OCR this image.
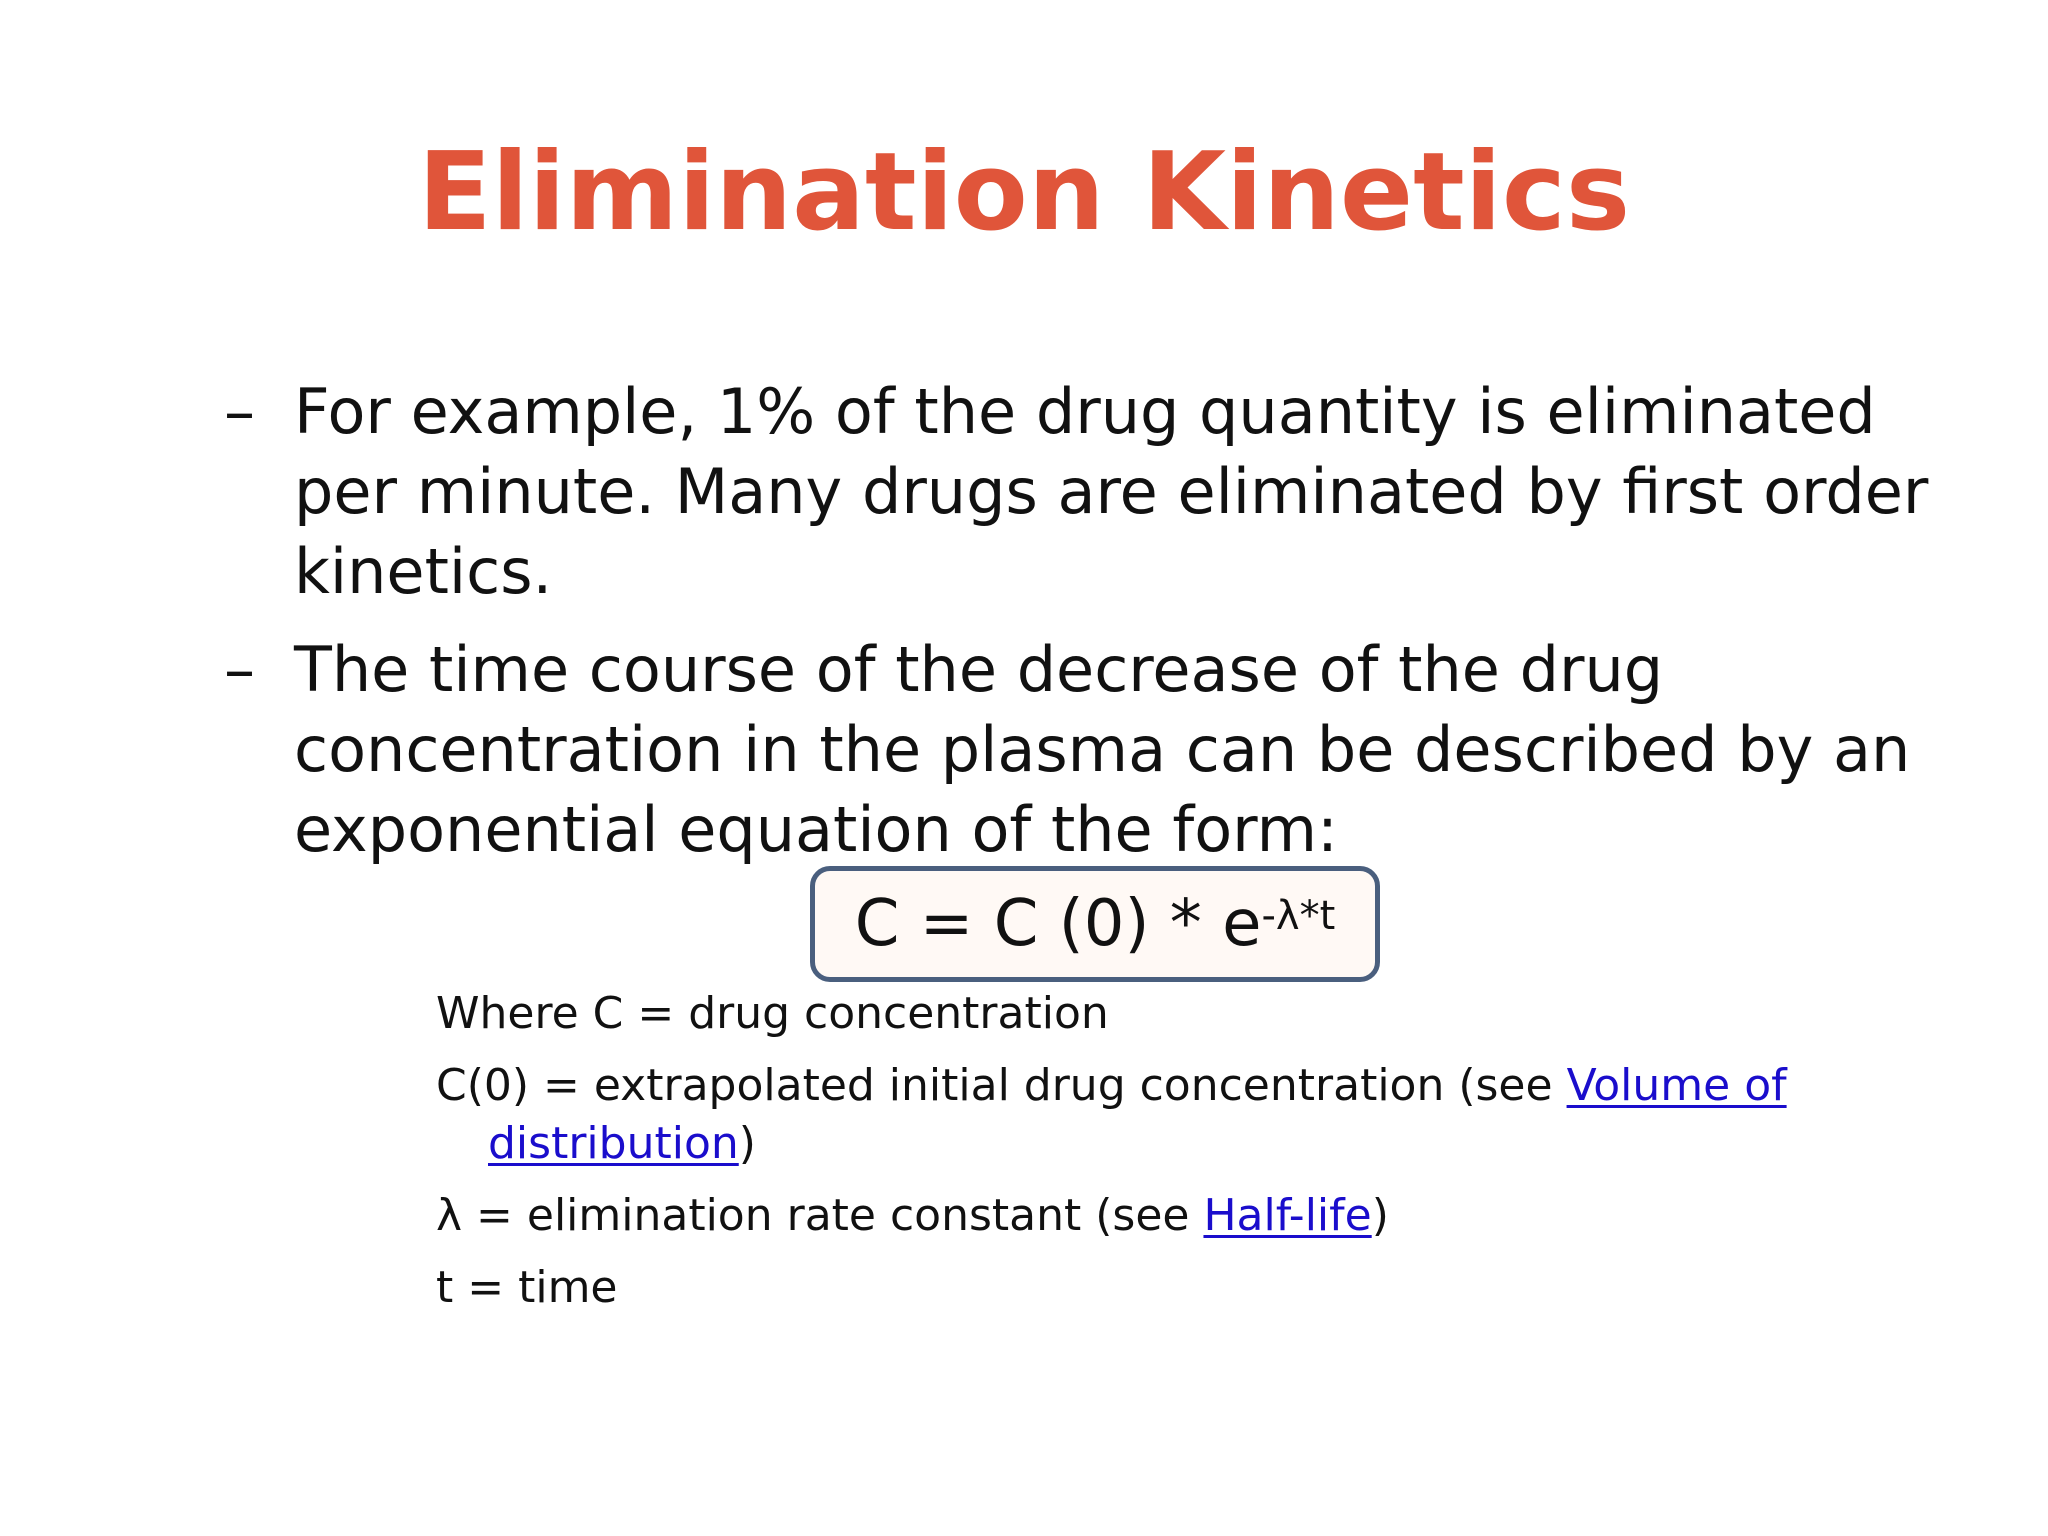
Elimination Kinetics
– For example, 1% of the drug quantity is eliminated per minute. Many drugs are eliminated by first order kinetics.
– The time course of the decrease of the drug concentration in the plasma can be described by an exponential equation of the form:
C = C $(0) * e^{-\lambda*t}$
Where C = drug concentration
C(0) = extrapolated initial drug concentration (see Volume of distribution)
λ = elimination rate constant (see Half-life)
t = time
